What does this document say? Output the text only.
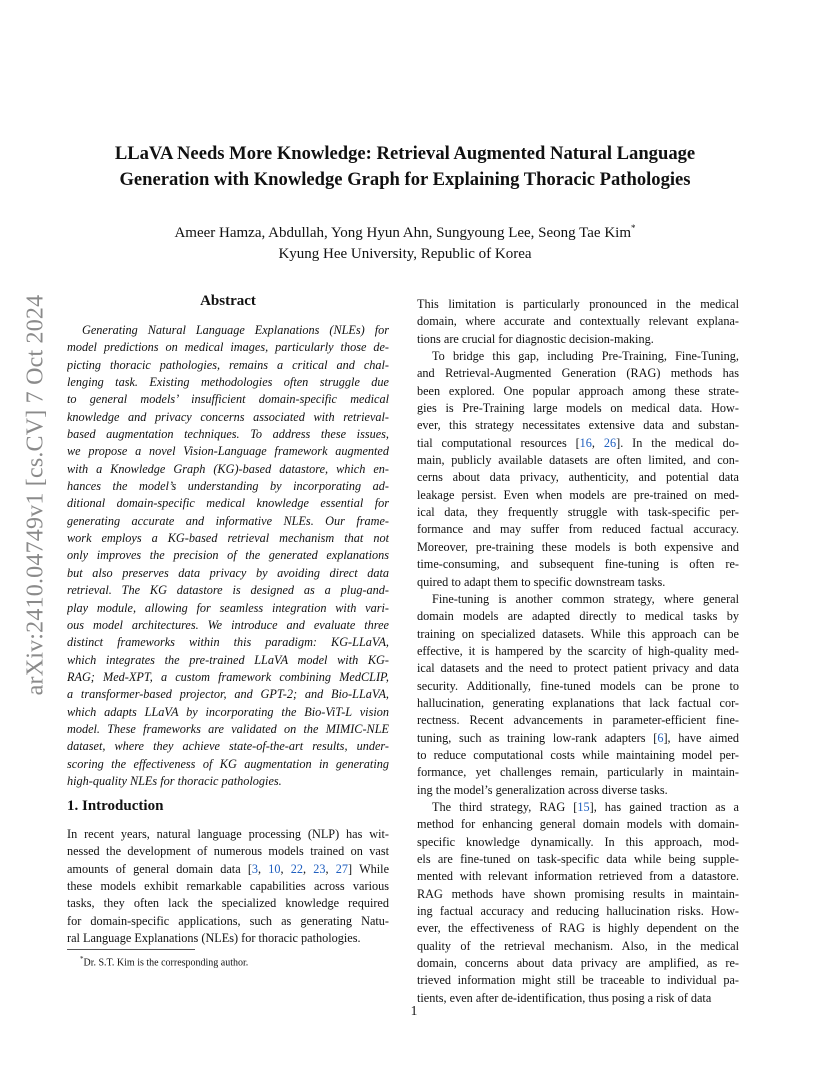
arXiv:2410.04749v1 [cs.CV] 7 Oct 2024
LLaVA Needs More Knowledge: Retrieval Augmented Natural Language
Generation with Knowledge Graph for Explaining Thoracic Pathologies
Ameer Hamza, Abdullah, Yong Hyun Ahn, Sungyoung Lee, Seong Tae Kim*
Kyung Hee University, Republic of Korea
Abstract
Generating Natural Language Explanations (NLEs) for
model predictions on medical images, particularly those de-
picting thoracic pathologies, remains a critical and chal-
lenging task. Existing methodologies often struggle due
to general models’ insufficient domain-specific medical
knowledge and privacy concerns associated with retrieval-
based augmentation techniques. To address these issues,
we propose a novel Vision-Language framework augmented
with a Knowledge Graph (KG)-based datastore, which en-
hances the model’s understanding by incorporating ad-
ditional domain-specific medical knowledge essential for
generating accurate and informative NLEs. Our frame-
work employs a KG-based retrieval mechanism that not
only improves the precision of the generated explanations
but also preserves data privacy by avoiding direct data
retrieval. The KG datastore is designed as a plug-and-
play module, allowing for seamless integration with vari-
ous model architectures. We introduce and evaluate three
distinct frameworks within this paradigm: KG-LLaVA,
which integrates the pre-trained LLaVA model with KG-
RAG; Med-XPT, a custom framework combining MedCLIP,
a transformer-based projector, and GPT-2; and Bio-LLaVA,
which adapts LLaVA by incorporating the Bio-ViT-L vision
model. These frameworks are validated on the MIMIC-NLE
dataset, where they achieve state-of-the-art results, under-
scoring the effectiveness of KG augmentation in generating
high-quality NLEs for thoracic pathologies.
1. Introduction
In recent years, natural language processing (NLP) has wit-
nessed the development of numerous models trained on vast
amounts of general domain data [3, 10, 22, 23, 27] While
these models exhibit remarkable capabilities across various
tasks, they often lack the specialized knowledge required
for domain-specific applications, such as generating Natu-
ral Language Explanations (NLEs) for thoracic pathologies.
This limitation is particularly pronounced in the medical
domain, where accurate and contextually relevant explana-
tions are crucial for diagnostic decision-making.
To bridge this gap, including Pre-Training, Fine-Tuning,
and Retrieval-Augmented Generation (RAG) methods has
been explored. One popular approach among these strate-
gies is Pre-Training large models on medical data. How-
ever, this strategy necessitates extensive data and substan-
tial computational resources [16, 26]. In the medical do-
main, publicly available datasets are often limited, and con-
cerns about data privacy, authenticity, and potential data
leakage persist. Even when models are pre-trained on med-
ical data, they frequently struggle with task-specific per-
formance and may suffer from reduced factual accuracy.
Moreover, pre-training these models is both expensive and
time-consuming, and subsequent fine-tuning is often re-
quired to adapt them to specific downstream tasks.
Fine-tuning is another common strategy, where general
domain models are adapted directly to medical tasks by
training on specialized datasets. While this approach can be
effective, it is hampered by the scarcity of high-quality med-
ical datasets and the need to protect patient privacy and data
security. Additionally, fine-tuned models can be prone to
hallucination, generating explanations that lack factual cor-
rectness. Recent advancements in parameter-efficient fine-
tuning, such as training low-rank adapters [6], have aimed
to reduce computational costs while maintaining model per-
formance, yet challenges remain, particularly in maintain-
ing the model’s generalization across diverse tasks.
The third strategy, RAG [15], has gained traction as a
method for enhancing general domain models with domain-
specific knowledge dynamically. In this approach, mod-
els are fine-tuned on task-specific data while being supple-
mented with relevant information retrieved from a datastore.
RAG methods have shown promising results in maintain-
ing factual accuracy and reducing hallucination risks. How-
ever, the effectiveness of RAG is highly dependent on the
quality of the retrieval mechanism. Also, in the medical
domain, concerns about data privacy are amplified, as re-
trieved information might still be traceable to individual pa-
tients, even after de-identification, thus posing a risk of data
*Dr. S.T. Kim is the corresponding author.
1
